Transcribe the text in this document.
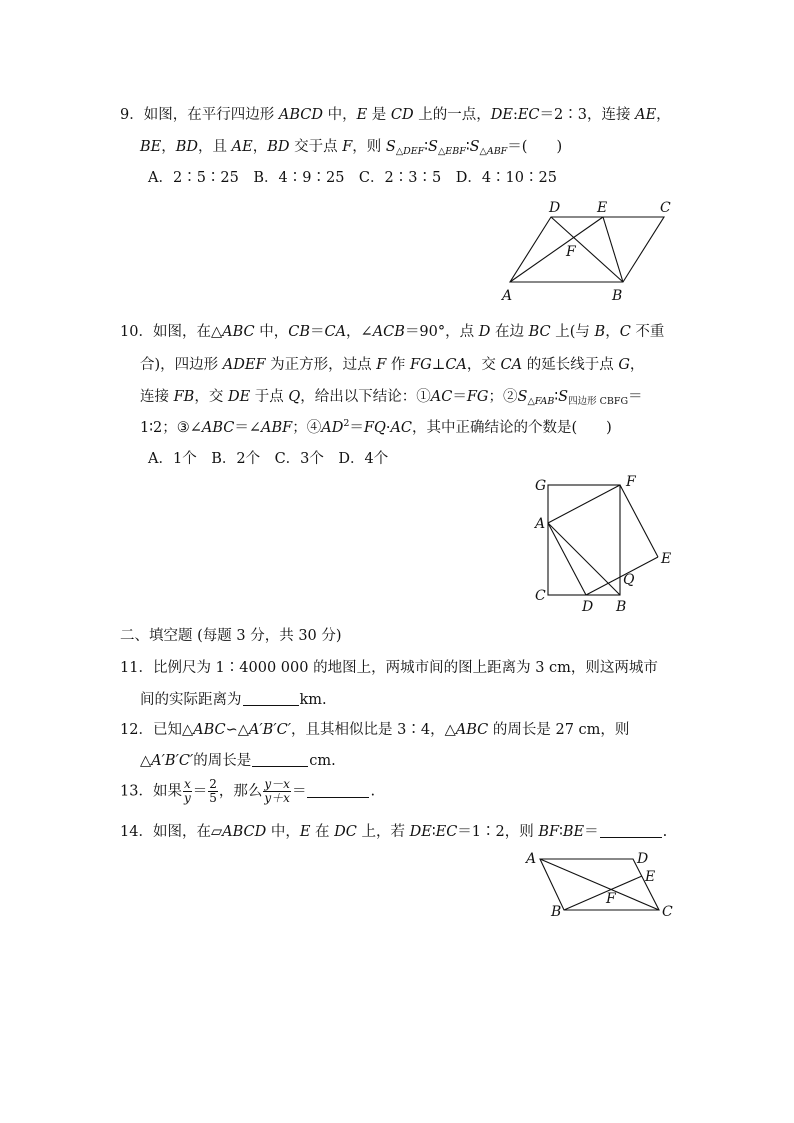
9．如图，在平行四边形 ABCD 中，E 是 CD 上的一点，DE:EC＝2∶3，连接 AE，
BE，BD，且 AE，BD 交于点 F，则 $S_{\triangle DEF}∶S_{\triangle EBF}∶S_{\triangle ABF}=$(　　)
A．2∶5∶25　B．4∶9∶25　C．2∶3∶5　D．4∶10∶25
D	E	C
F
A	B
10．如图，在△ABC 中，CB＝CA，∠ACB＝90°，点 D 在边 BC 上(与 B，C 不重
合)，四边形 ADEF 为正方形，过点 F 作 FG⊥CA，交 CA 的延长线于点 G，
连接 FB，交 DE 于点 Q，给出以下结论：①AC＝FG；$②S_{\triangle FAB}∶S_{四边形 CBFG}=$
1∶2；③∠ABC＝∠ABF；$④AD^2=FQ\cdot AC$，其中正确结论的个数是(　　)
A．1个　B．2个　C．3个　D．4个
G	F
A
E
Q
C
D B
二、填空题 (每题 3 分，共 30 分)
11．比例尺为 1∶4000 000 的地图上，两城市间的图上距离为 3 cm，则这两城市
间的实际距离为	km.
12．已知△ABC∽△A′B′C′，且其相似比是 3∶4，△ABC 的周长是 27 cm，则
△A′B′C′的周长是	cm.
13．如果 $\frac{x}{y} = \frac{2}{5}$ ，那么 $\frac{y-x}{y+x}$ ＝	.
14．如图，在▱ABCD 中，E 在 DC 上，若 DE∶EC＝1∶2，则 BF∶BE＝	.
A	D
E
F
B	C
